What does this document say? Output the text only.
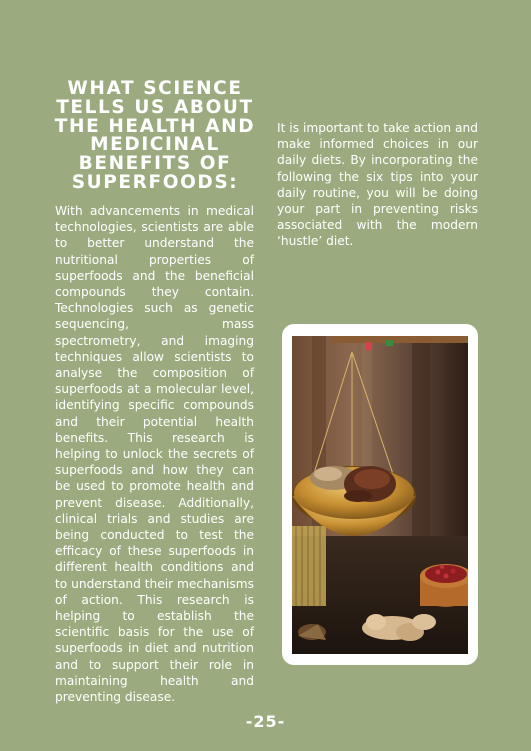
WHAT SCIENCE TELLS US ABOUT THE HEALTH AND MEDICINAL BENEFITS OF SUPERFOODS:

With advancements in medical technologies, scientists are able to better understand the nutritional properties of superfoods and the beneficial compounds they contain. Technologies such as genetic sequencing, mass spectrometry, and imaging techniques allow scientists to analyse the composition of superfoods at a molecular level, identifying specific compounds and their potential health benefits. This research is helping to unlock the secrets of superfoods and how they can be used to promote health and prevent disease. Additionally, clinical trials and studies are being conducted to test the efficacy of these superfoods in different health conditions and to understand their mechanisms of action. This research is helping to establish the scientific basis for the use of superfoods in diet and nutrition and to support their role in maintaining health and preventing disease.

It is important to take action and make informed choices in our daily diets. By incorporating the following the six tips into your daily routine, you will be doing your part in preventing risks associated with the modern ‘hustle’ diet.

-25-
